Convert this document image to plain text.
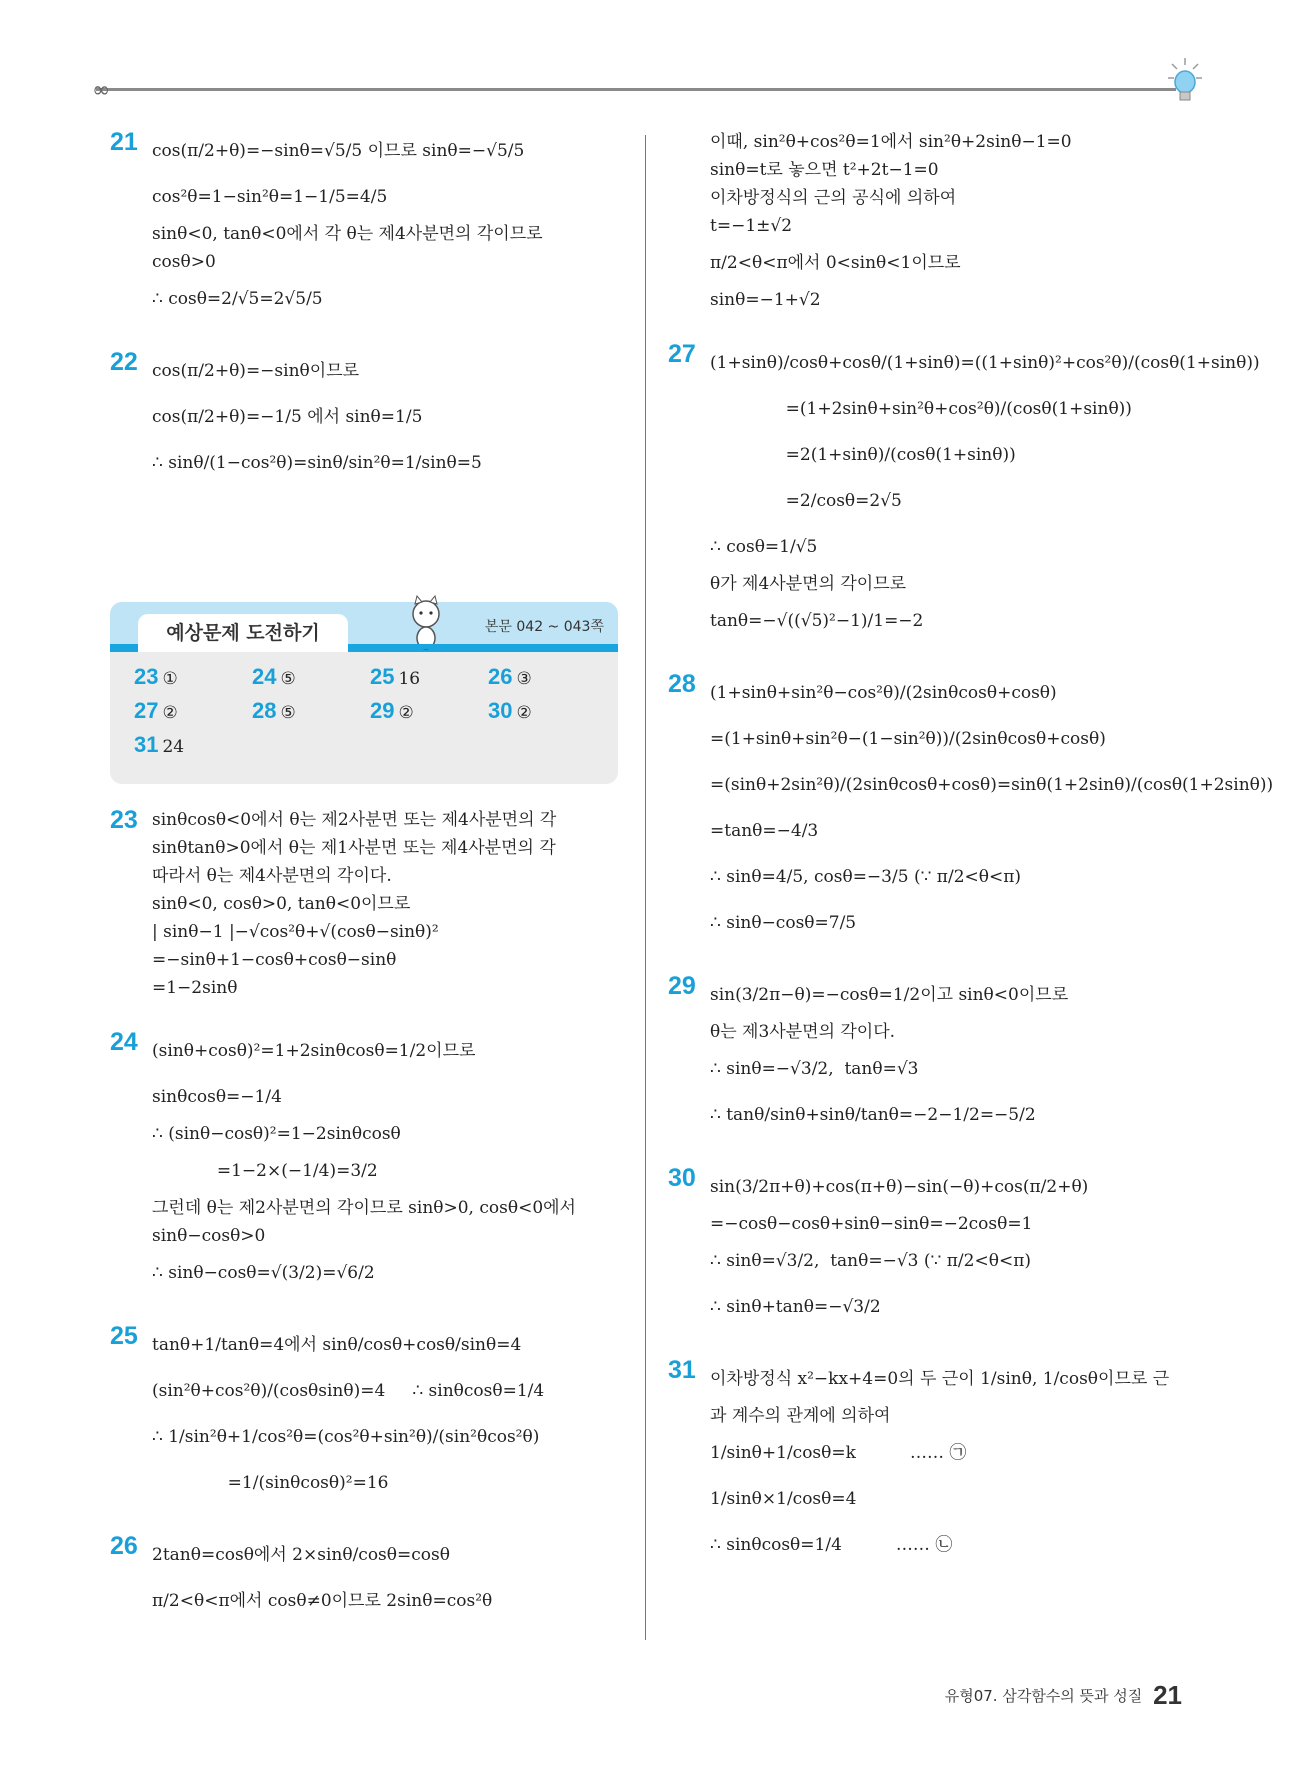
∞
21 cos(π/2+θ)=−sinθ=√5/5 이므로 sinθ=−√5/5
cos²θ=1−sin²θ=1−1/5=4/5
sinθ<0, tanθ<0에서 각 θ는 제4사분면의 각이므로
cosθ>0
∴ cosθ=2/√5=2√5/5
22 cos(π/2+θ)=−sinθ이므로
cos(π/2+θ)=−1/5 에서 sinθ=1/5
∴ sinθ/(1−cos²θ)=sinθ/sin²θ=1/sinθ=5
예상문제 도전하기	본문 042 ~ 043쪽
23 ①	24 ⑤	25 16	26 ③
27 ②	28 ⑤	29 ②	30 ②
31 24
23 sinθcosθ<0에서 θ는 제2사분면 또는 제4사분면의 각
sinθtanθ>0에서 θ는 제1사분면 또는 제4사분면의 각
따라서 θ는 제4사분면의 각이다.
sinθ<0, cosθ>0, tanθ<0이므로
| sinθ−1 |−√cos²θ+√(cosθ−sinθ)²
=−sinθ+1−cosθ+cosθ−sinθ
=1−2sinθ
24 (sinθ+cosθ)²=1+2sinθcosθ=1/2이므로
sinθcosθ=−1/4
∴ (sinθ−cosθ)²=1−2sinθcosθ
=1−2×(−1/4)=3/2
그런데 θ는 제2사분면의 각이므로 sinθ>0, cosθ<0에서
sinθ−cosθ>0
∴ sinθ−cosθ=√(3/2)=√6/2
25 tanθ+1/tanθ=4에서 sinθ/cosθ+cosθ/sinθ=4
(sin²θ+cos²θ)/(cosθsinθ)=4     ∴ sinθcosθ=1/4
∴ 1/sin²θ+1/cos²θ=(cos²θ+sin²θ)/(sin²θcos²θ)
=1/(sinθcosθ)²=16
26 2tanθ=cosθ에서 2×sinθ/cosθ=cosθ
π/2<θ<π에서 cosθ≠0이므로 2sinθ=cos²θ
이때, sin²θ+cos²θ=1에서 sin²θ+2sinθ−1=0
sinθ=t로 놓으면 t²+2t−1=0
이차방정식의 근의 공식에 의하여
t=−1±√2
π/2<θ<π에서 0<sinθ<1이므로
sinθ=−1+√2
27 (1+sinθ)/cosθ+cosθ/(1+sinθ)=((1+sinθ)²+cos²θ)/(cosθ(1+sinθ))
=(1+2sinθ+sin²θ+cos²θ)/(cosθ(1+sinθ))
=2(1+sinθ)/(cosθ(1+sinθ))
=2/cosθ=2√5
∴ cosθ=1/√5
θ가 제4사분면의 각이므로
tanθ=−√((√5)²−1)/1=−2
28 (1+sinθ+sin²θ−cos²θ)/(2sinθcosθ+cosθ)
=(1+sinθ+sin²θ−(1−sin²θ))/(2sinθcosθ+cosθ)
=(sinθ+2sin²θ)/(2sinθcosθ+cosθ)=sinθ(1+2sinθ)/(cosθ(1+2sinθ))
=tanθ=−4/3
∴ sinθ=4/5, cosθ=−3/5 (∵ π/2<θ<π)
∴ sinθ−cosθ=7/5
29 sin(3/2π−θ)=−cosθ=1/2이고 sinθ<0이므로
θ는 제3사분면의 각이다.
∴ sinθ=−√3/2,  tanθ=√3
∴ tanθ/sinθ+sinθ/tanθ=−2−1/2=−5/2
30 sin(3/2π+θ)+cos(π+θ)−sin(−θ)+cos(π/2+θ)
=−cosθ−cosθ+sinθ−sinθ=−2cosθ=1
∴ sinθ=√3/2,  tanθ=−√3 (∵ π/2<θ<π)
∴ sinθ+tanθ=−√3/2
31 이차방정식 x²−kx+4=0의 두 근이 1/sinθ, 1/cosθ이므로 근
과 계수의 관계에 의하여
1/sinθ+1/cosθ=k          …… ㉠
1/sinθ×1/cosθ=4
∴ sinθcosθ=1/4          …… ㉡
유형07. 삼각함수의 뜻과 성질 21
